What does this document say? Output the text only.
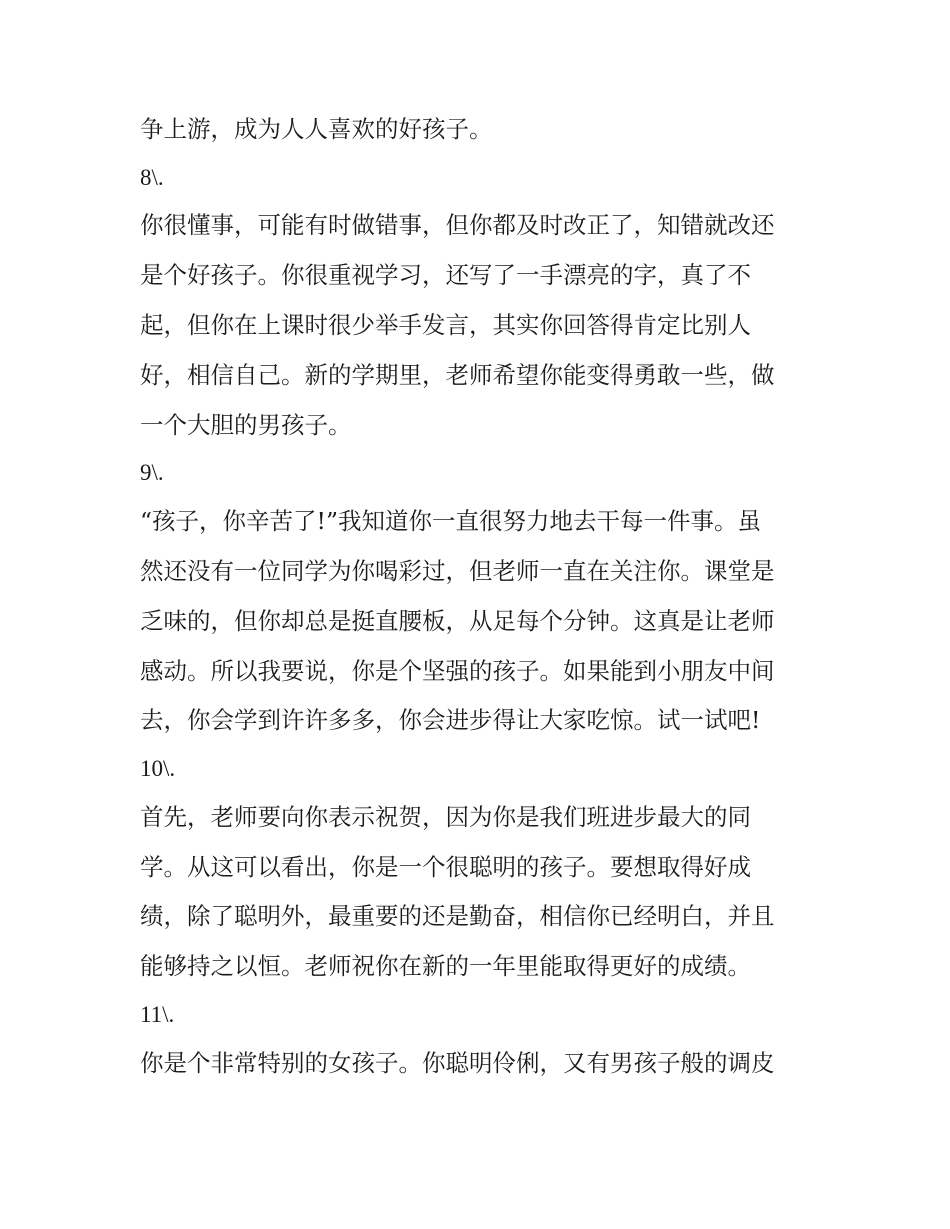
争上游，成为人人喜欢的好孩子。
8\.
你很懂事，可能有时做错事，但你都及时改正了，知错就改还
是个好孩子。你很重视学习，还写了一手漂亮的字，真了不
起，但你在上课时很少举手发言，其实你回答得肯定比别人
好，相信自己。新的学期里，老师希望你能变得勇敢一些，做
一个大胆的男孩子。
9\.
“孩子，你辛苦了!”我知道你一直很努力地去干每一件事。虽
然还没有一位同学为你喝彩过，但老师一直在关注你。课堂是
乏味的，但你却总是挺直腰板，从足每个分钟。这真是让老师
感动。所以我要说，你是个坚强的孩子。如果能到小朋友中间
去，你会学到许许多多，你会进步得让大家吃惊。试一试吧!
10\.
首先，老师要向你表示祝贺，因为你是我们班进步最大的同
学。从这可以看出，你是一个很聪明的孩子。要想取得好成
绩，除了聪明外，最重要的还是勤奋，相信你已经明白，并且
能够持之以恒。老师祝你在新的一年里能取得更好的成绩。
11\.
你是个非常特别的女孩子。你聪明伶俐，又有男孩子般的调皮
